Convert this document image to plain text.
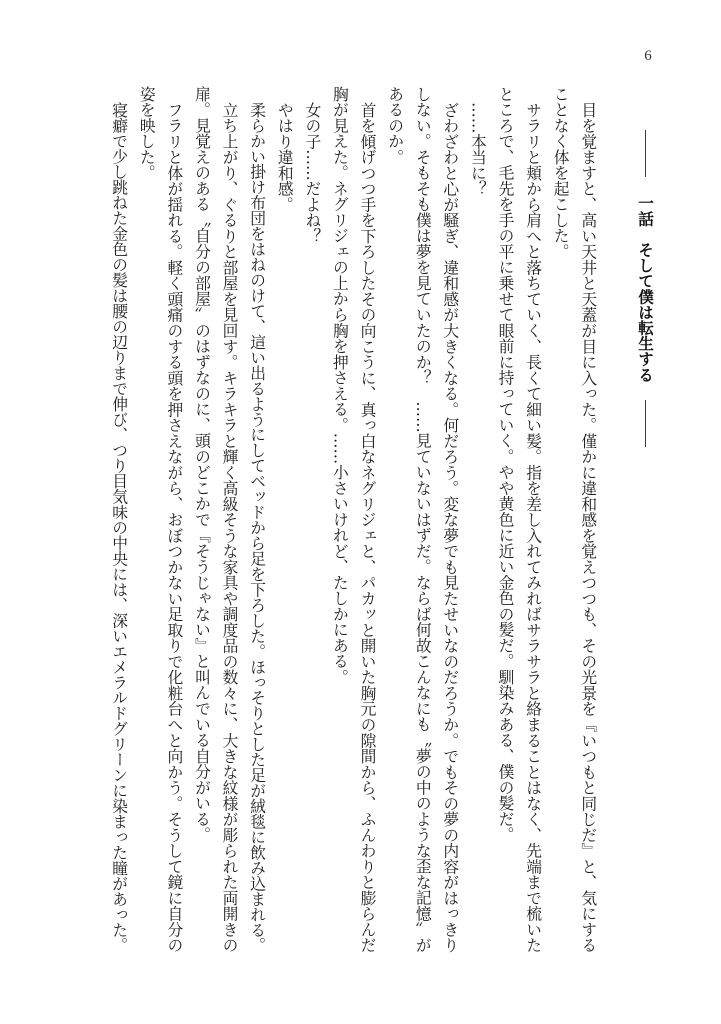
6
一話　そして僕は転生する
目を覚ますと、高い天井と天蓋が目に入った。僅かに違和感を覚えつつも、その光景を『いつもと同じだ』と、気にする
ことなく体を起こした。
サラリと頬から肩へと落ちていく、長くて細い髪。指を差し入れてみればサラサラと絡まることはなく、先端まで梳いた
ところで、毛先を手の平に乗せて眼前に持っていく。やや黄色に近い金色の髪だ。馴染みある、僕の髪だ。
……本当に？
ざわざわと心が騒ぎ、違和感が大きくなる。何だろう。変な夢でも見たせいなのだろうか。でもその夢の内容がはっきり
しない。そもそも僕は夢を見ていたのか？　……見ていないはずだ。ならば何故こんなにも〝夢の中のような歪な記憶〟が
あるのか。
首を傾げつつ手を下ろしたその向こうに、真っ白なネグリジェと、パカッと開いた胸元の隙間から、ふんわりと膨らんだ
胸が見えた。ネグリジェの上から胸を押さえる。……小さいけれど、たしかにある。
女の子……だよね？
やはり違和感。
柔らかい掛け布団をはねのけて、這い出るようにしてベッドから足を下ろした。ほっそりとした足が絨毯に飲み込まれる。
立ち上がり、ぐるりと部屋を見回す。キラキラと輝く高級そうな家具や調度品の数々に、大きな紋様が彫られた両開きの
扉。見覚えのある〝自分の部屋〟のはずなのに、頭のどこかで『そうじゃない』と叫んでいる自分がいる。
フラリと体が揺れる。軽く頭痛のする頭を押さえながら、おぼつかない足取りで化粧台へと向かう。そうして鏡に自分の
姿を映した。
寝癖で少し跳ねた金色の髪は腰の辺りまで伸び、つり目気味の中央には、深いエメラルドグリーンに染まった瞳があった。
